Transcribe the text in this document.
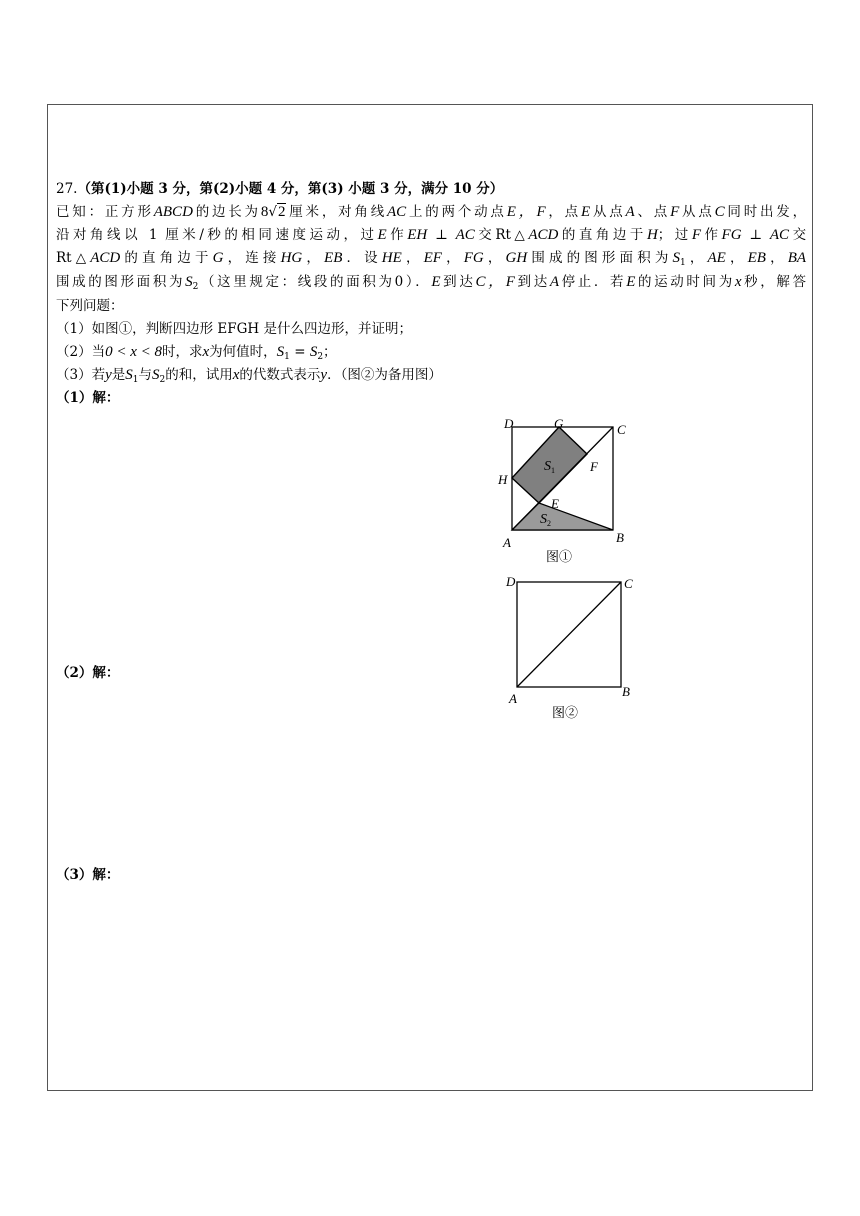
27.（第(1)小题 3 分，第(2)小题 4 分，第(3) 小题 3 分，满分 10 分）
已知：正方形ABCD的边长为8√2厘米，对角线AC上的两个动点E，F，点E从点A、点F从点C同时出发，
沿对角线以 1 厘米/秒的相同速度运动，过E作EH ⊥ AC交Rt△ACD的直角边于H；过F作FG ⊥ AC交
Rt△ACD的直角边于G，连接HG，EB．设HE，EF，FG，GH围成的图形面积为$S_1$，AE，EB，BA
围成的图形面积为$S_2$（这里规定：线段的面积为0）．E到达C，F到达A停止．若E的运动时间为x秒，解答
下列问题：
（1）如图①，判断四边形 EFGH 是什么四边形，并证明；
（2）当0 < x < 8时，求x为何值时，$S_1 = S_2$；
（3）若y是$S_1$与$S_2$的和，试用x的代数式表示y．（图②为备用图）
（1）解：
（2）解：
（3）解：
D	G	C
H
F
$S_1$
E
$S_2$
A	B
图①
D	C
A	B
图②
